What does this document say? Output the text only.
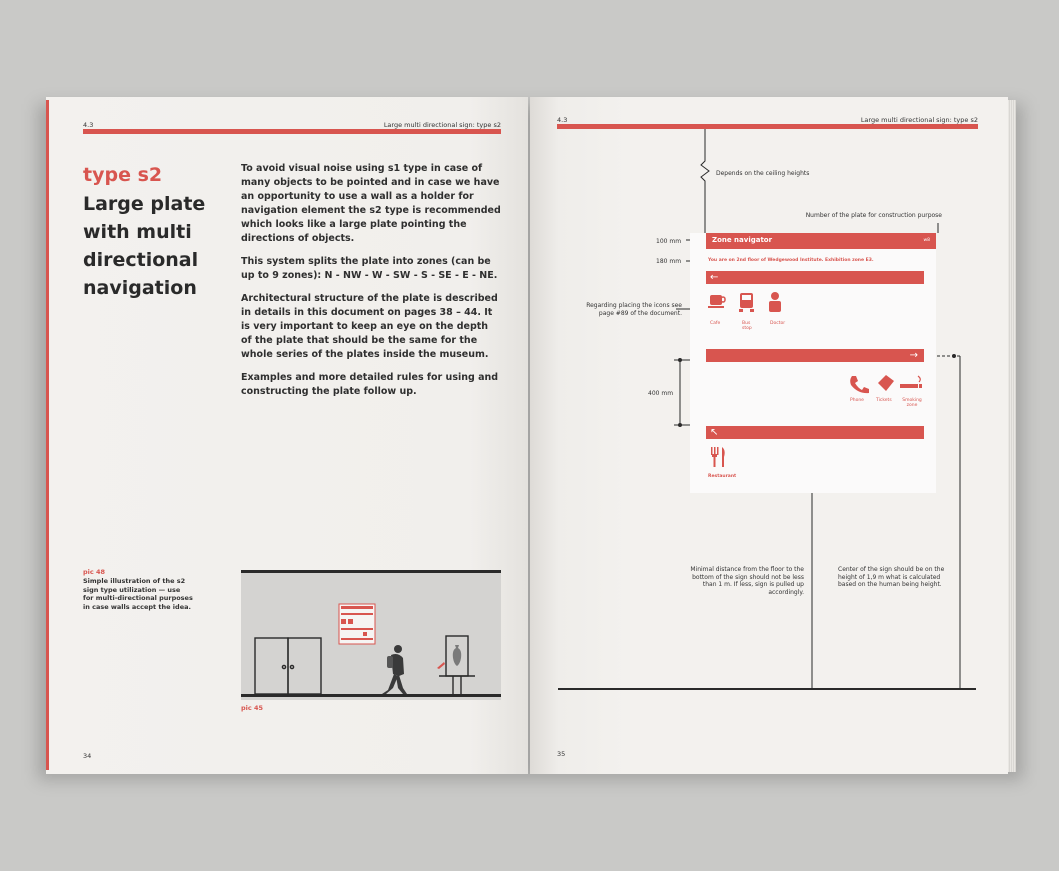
4.3	Large multi directional sign: type s2
type s2
Large plate with multi directional navigation

To avoid visual noise using s1 type in case of many objects to be pointed and in case we have an opportunity to use a wall as a holder for navigation element the s2 type is recommended which looks like a large plate pointing the directions of objects.

This system splits the plate into zones (can be up to 9 zones): N - NW - W - SW - S - SE - E - NE.

Architectural structure of the plate is described in details in this document on pages 38 – 44. It is very important to keep an eye on the depth of the plate that should be the same for the whole series of the plates inside the museum.

Examples and more detailed rules for using and constructing the plate follow up.

pic 48
Simple illustration of the s2 sign type utilization — use for multi-directional purposes in case walls accept the idea.
pic 45
34
4.3	Large multi directional sign: type s2
Depends on the ceiling heights
Number of the plate for construction purpose
100 mm
180 mm
Regarding placing the icons see page #89 of the document.
400 mm
Zone navigator	w8
You are on 2nd floor of Wedgewood Institute. Exhibition zone E3.
←
Cafe	Bus stop
Doctor
→
Phone	Tickets Smoking zone
↖
Restaurant
Minimal distance from the floor to the bottom of the sign should not be less than 1 m. If less, sign is pulled up accordingly.
Center of the sign should be on the height of 1,9 m what is calculated based on the human being height.
35
